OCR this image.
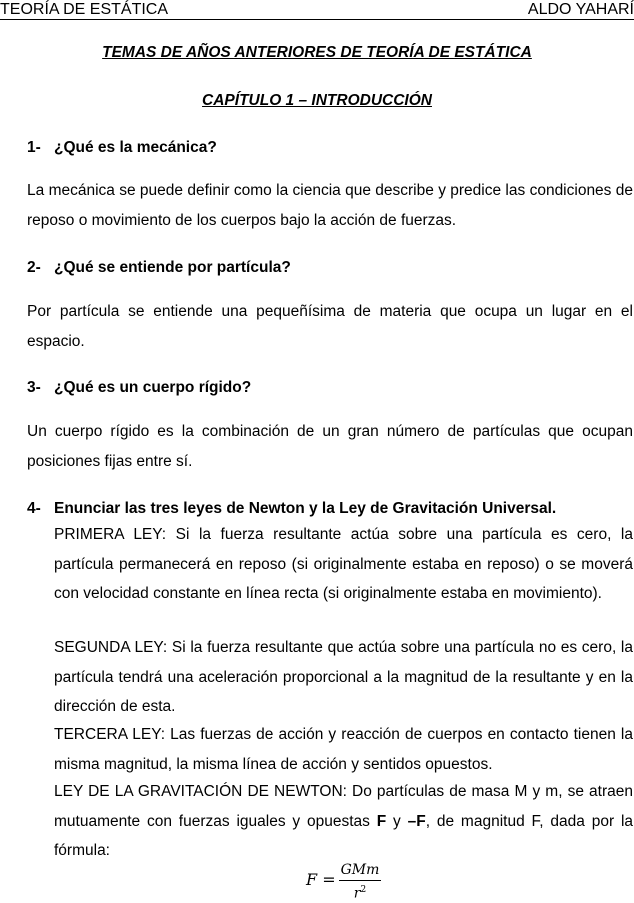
TEORÍA DE ESTÁTICA	ALDO YAHARÍ
TEMAS DE AÑOS ANTERIORES DE TEORÍA DE ESTÁTICA
CAPÍTULO 1 – INTRODUCCIÓN
1- ¿Qué es la mecánica?
La mecánica se puede definir como la ciencia que describe y predice las condiciones de reposo o movimiento de los cuerpos bajo la acción de fuerzas.
2- ¿Qué se entiende por partícula?
Por partícula se entiende una pequeñísima de materia que ocupa un lugar en el espacio.
3- ¿Qué es un cuerpo rígido?
Un cuerpo rígido es la combinación de un gran número de partículas que ocupan posiciones fijas entre sí.
4- Enunciar las tres leyes de Newton y la Ley de Gravitación Universal.
PRIMERA LEY: Si la fuerza resultante actúa sobre una partícula es cero, la partícula permanecerá en reposo (si originalmente estaba en reposo) o se moverá con velocidad constante en línea recta (si originalmente estaba en movimiento).
SEGUNDA LEY: Si la fuerza resultante que actúa sobre una partícula no es cero, la partícula tendrá una aceleración proporcional a la magnitud de la resultante y en la dirección de esta.
TERCERA LEY: Las fuerzas de acción y reacción de cuerpos en contacto tienen la misma magnitud, la misma línea de acción y sentidos opuestos.
LEY DE LA GRAVITACIÓN DE NEWTON: Do partículas de masa M y m, se atraen mutuamente con fuerzas iguales y opuestas F y –F, de magnitud F, dada por la fórmula:
F = GMm
$r^2$
